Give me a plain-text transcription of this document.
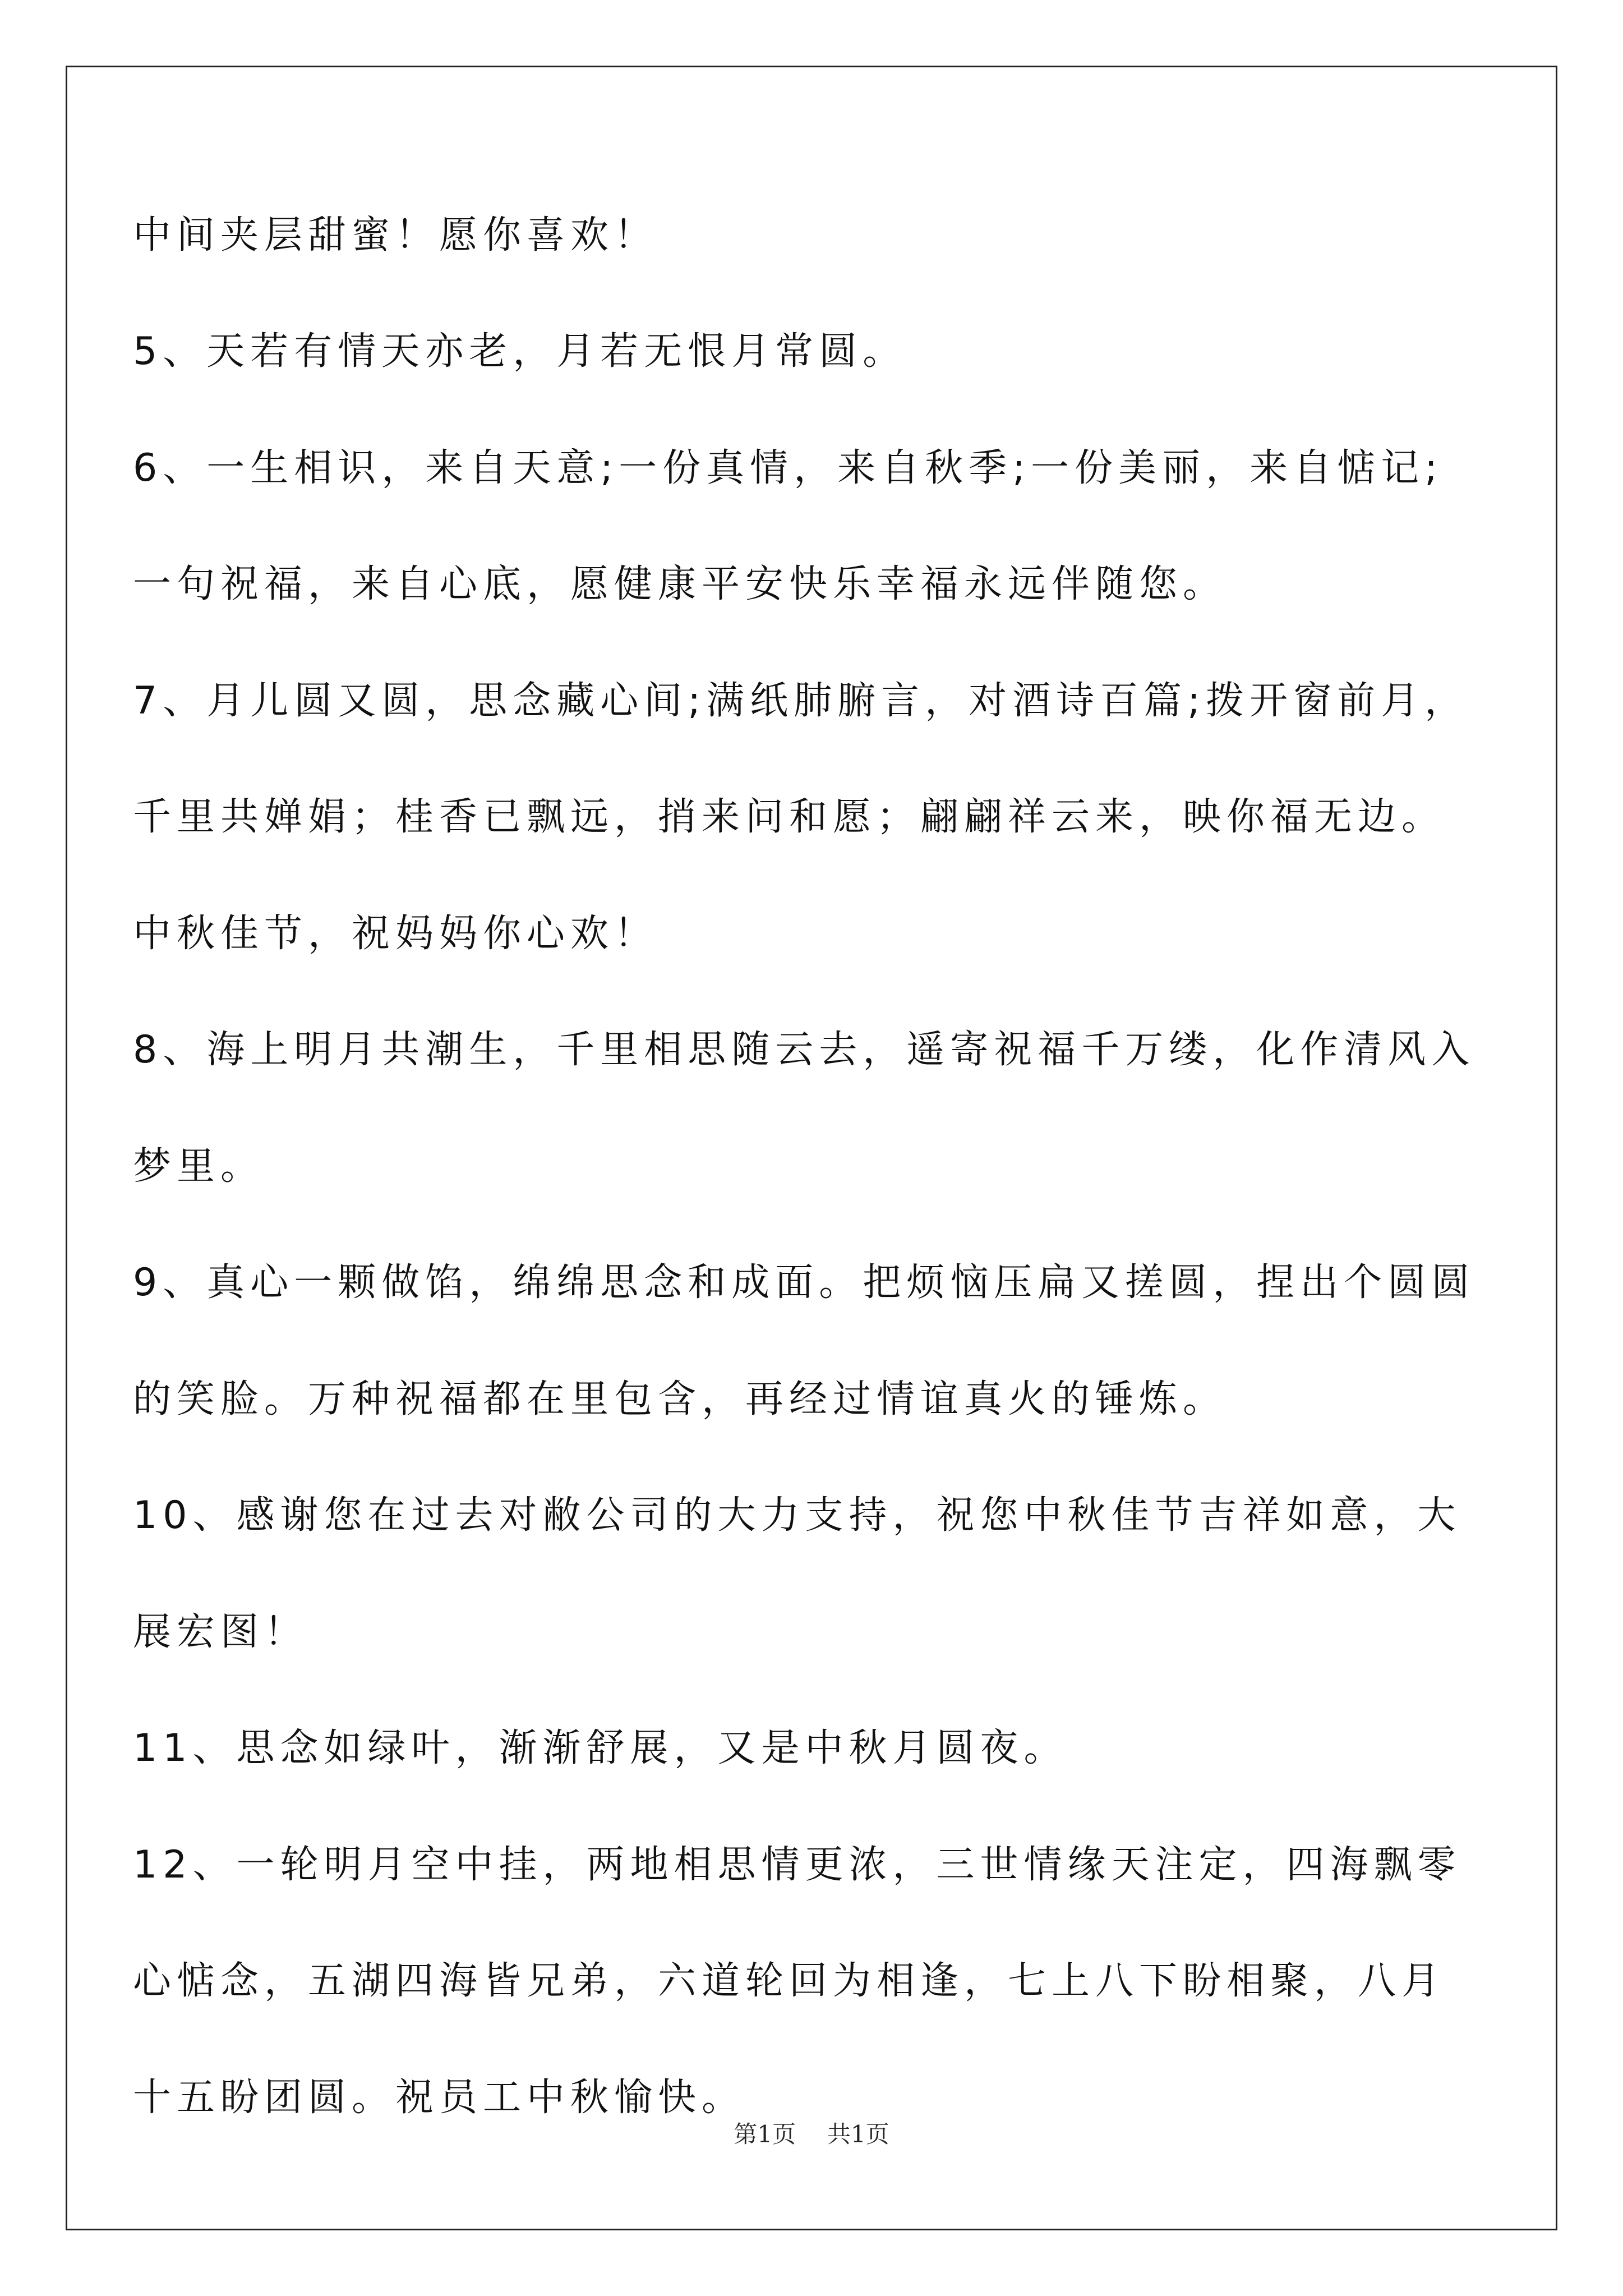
中间夹层甜蜜！愿你喜欢！
5、天若有情天亦老，月若无恨月常圆。
6、一生相识，来自天意;一份真情，来自秋季;一份美丽，来自惦记;
一句祝福，来自心底，愿健康平安快乐幸福永远伴随您。
7、月儿圆又圆，思念藏心间;满纸肺腑言，对酒诗百篇;拨开窗前月，
千里共婵娟；桂香已飘远，捎来问和愿；翩翩祥云来，映你福无边。
中秋佳节，祝妈妈你心欢！
8、海上明月共潮生，千里相思随云去，遥寄祝福千万缕，化作清风入
梦里。
9、真心一颗做馅，绵绵思念和成面。把烦恼压扁又搓圆，捏出个圆圆
的笑脸。万种祝福都在里包含，再经过情谊真火的锤炼。
10、感谢您在过去对敝公司的大力支持，祝您中秋佳节吉祥如意，大
展宏图！
11、思念如绿叶，渐渐舒展，又是中秋月圆夜。
12、一轮明月空中挂，两地相思情更浓，三世情缘天注定，四海飘零
心惦念，五湖四海皆兄弟，六道轮回为相逢，七上八下盼相聚，八月
十五盼团圆。祝员工中秋愉快。
第1页 共1页
